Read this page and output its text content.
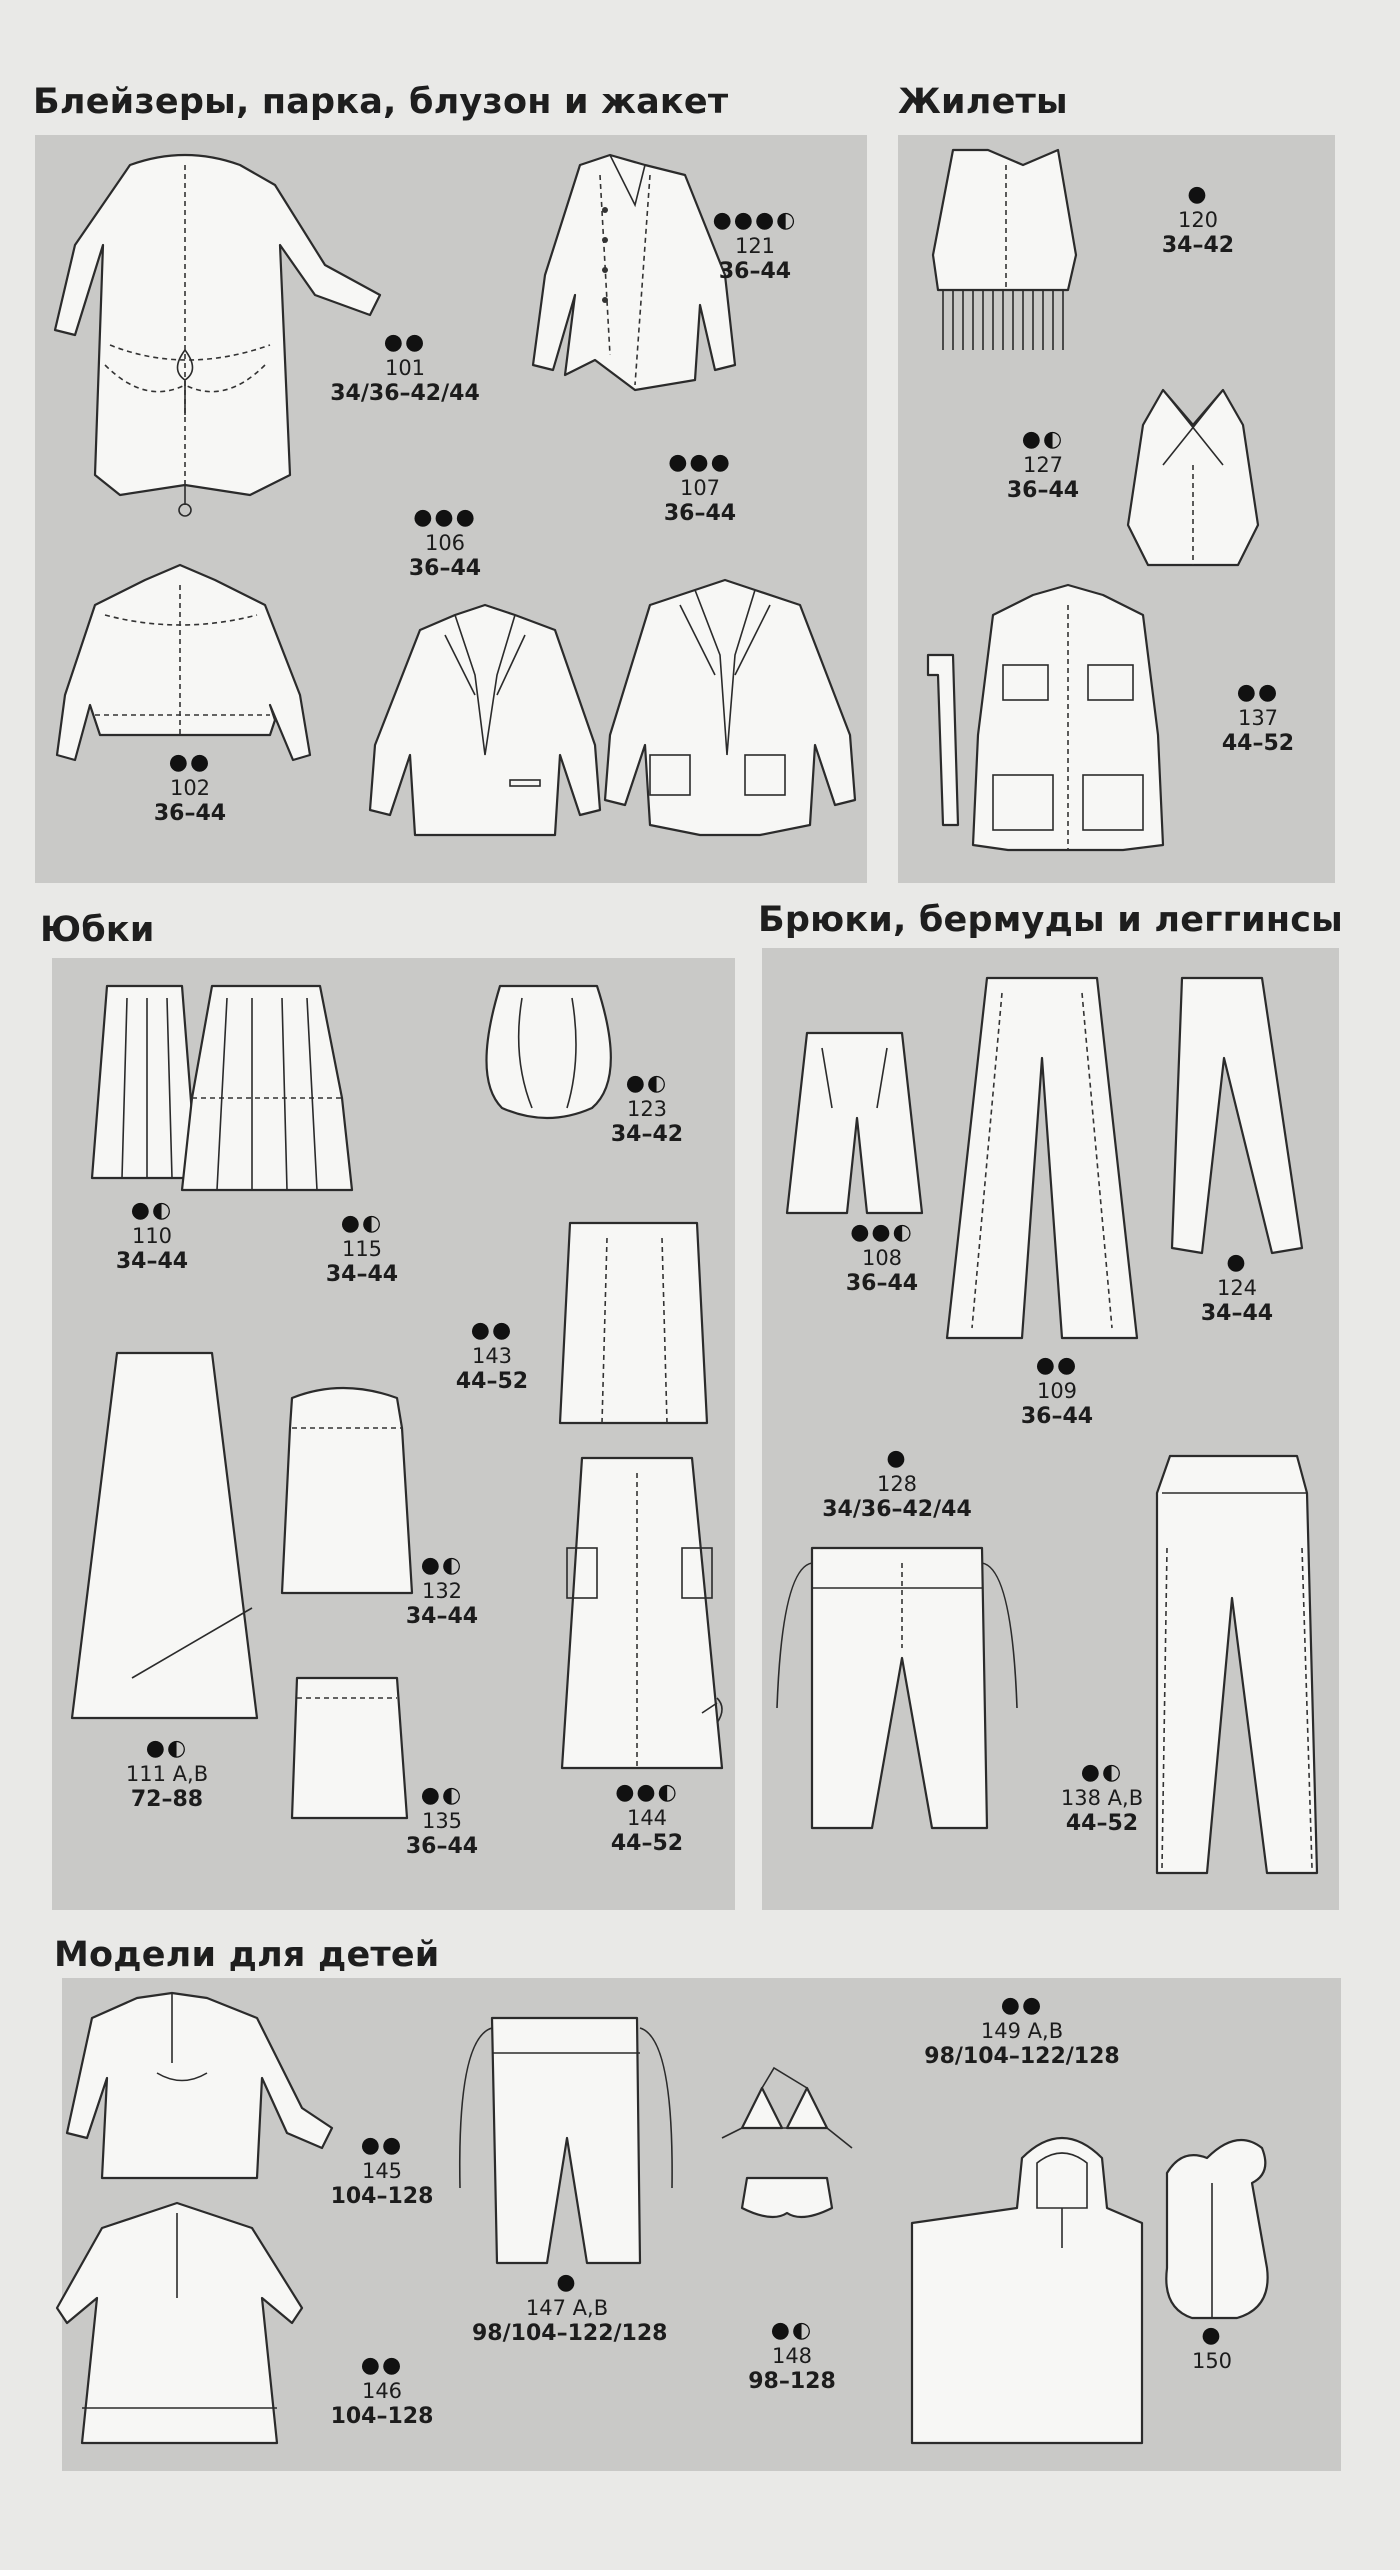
Блейзеры, парка, блузон и жакет	Жилеты
Юбки	Брюки, бермуды и леггинсы
Модели для детей
●●
101
34/36–42/44
●●●◐
121
36–44
●●●
106
36–44
●●●
107
36–44
●●
102
36–44
●
120
34–42
●◐
127
36–44
●●
137
44–52
●◐
110
34–44
●◐
115
34–44
●◐
123
34–42
●●
143
44–52
●◐
132
34–44
●◐
111 A,B
72–88	●◐
135
36–44
●●◐
144
44–52
●●◐
108
36–44
●
124
34–44
●●
109
36–44
●
128
34/36–42/44
●◐
138 A,B
44–52
●●
145
104–128
●●
146
104–128
●
147 A,B
98/104–122/128	●◐
148
98–128
●●
149 A,B
98/104–122/128
●
150
